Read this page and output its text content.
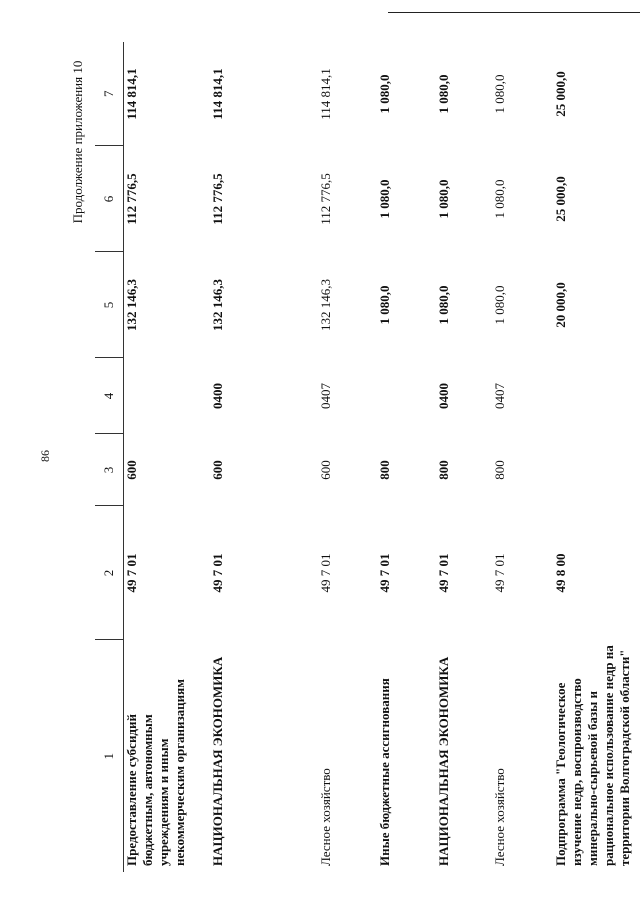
86
Продолжение приложения 10
1	2	3	4	5	6	7
Предоставление субсидий бюджетным, автономным учреждениям и иным некоммерческим организациям	49 7 01	600		132 146,3	112 776,5	114 814,1
НАЦИОНАЛЬНАЯ ЭКОНОМИКА	49 7 01	600	0400	132 146,3	112 776,5	114 814,1
Лесное хозяйство	49 7 01	600	0407	132 146,3	112 776,5	114 814,1
Иные бюджетные ассигнования	49 7 01	800		1 080,0	1 080,0	1 080,0
НАЦИОНАЛЬНАЯ ЭКОНОМИКА	49 7 01	800	0400	1 080,0	1 080,0	1 080,0
Лесное хозяйство	49 7 01	800	0407	1 080,0	1 080,0	1 080,0
Подпрограмма "Геологическое изучение недр, воспроизводство минерально-сырьевой базы и рациональное использование недр на территории Волгоградской области"	49 8 00			20 000,0	25 000,0	25 000,0
